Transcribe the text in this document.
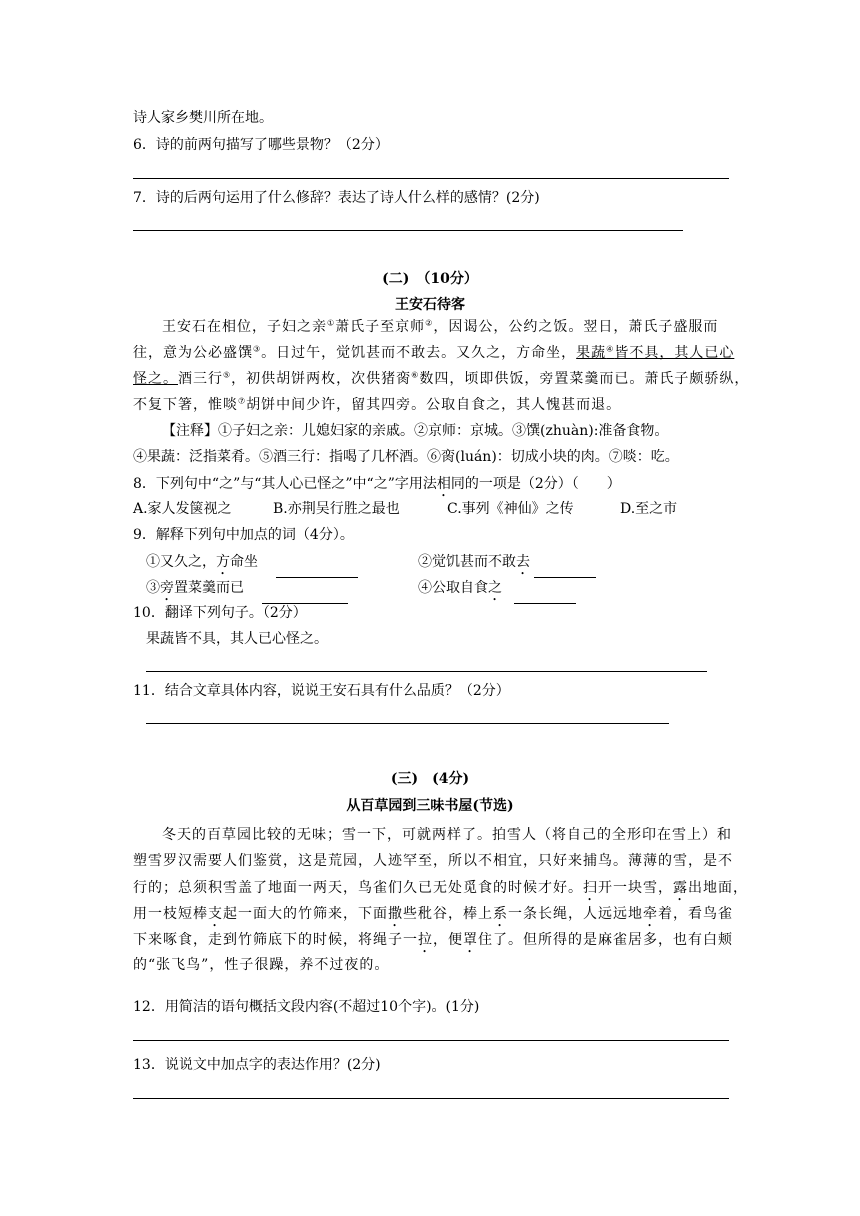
诗人家乡樊川所在地。
6．诗的前两句描写了哪些景物？（2分）
7．诗的后两句运用了什么修辞？表达了诗人什么样的感情？(2分)
(二)　（10分）
王安石待客
王安石在相位，子妇之亲①萧氏子至京师②，因谒公，公约之饭。翌日，萧氏子盛服而
往，意为公必盛馔③。日过午，觉饥甚而不敢去。又久之，方命坐，果蔬④皆不具，其人已心
怪之。酒三行⑤，初供胡饼两枚，次供猪脔⑥数四，顷即供饭，旁置菜羹而已。萧氏子颇骄纵，
不复下箸，惟啖⑦胡饼中间少许，留其四旁。公取自食之，其人愧甚而退。
【注释】①子妇之亲：儿媳妇家的亲戚。②京师：京城。③馔(zhuàn):准备食物。
④果蔬：泛指菜肴。⑤酒三行：指喝了几杯酒。⑥脔(luán)：切成小块的肉。⑦啖：吃。
8．下列句中“之”与“其人心已怪之”中“之”字用法相同的一项是（2分）（　　）
A.家人发箧视之	B.亦荆吴行胜之最也	C.事列《神仙》之传	D.至之市
9．解释下列句中加点的词（4分）。
①又久之，方命坐	②觉饥甚而不敢去
③旁置菜羹而已	④公取自食之
10．翻译下列句子。（2分）
果蔬皆不具，其人已心怪之。
11．结合文章具体内容，说说王安石具有什么品质？（2分）
(三)　(4分)
从百草园到三味书屋(节选)
冬天的百草园比较的无味；雪一下，可就两样了。拍雪人（将自己的全形印在雪上）和
塑雪罗汉需要人们鉴赏，这是荒园，人迹罕至，所以不相宜，只好来捕鸟。薄薄的雪，是不
行的；总须积雪盖了地面一两天，鸟雀们久已无处觅食的时候才好。扫开一块雪，露出地面，
用一枝短棒支起一面大的竹筛来，下面撒些秕谷，棒上系一条长绳，人远远地牵着，看鸟雀
下来啄食，走到竹筛底下的时候，将绳子一拉，便罩住了。但所得的是麻雀居多，也有白颊
的“张飞鸟”，性子很躁，养不过夜的。
12．用简洁的语句概括文段内容(不超过10个字)。(1分)
13．说说文中加点字的表达作用？(2分)
